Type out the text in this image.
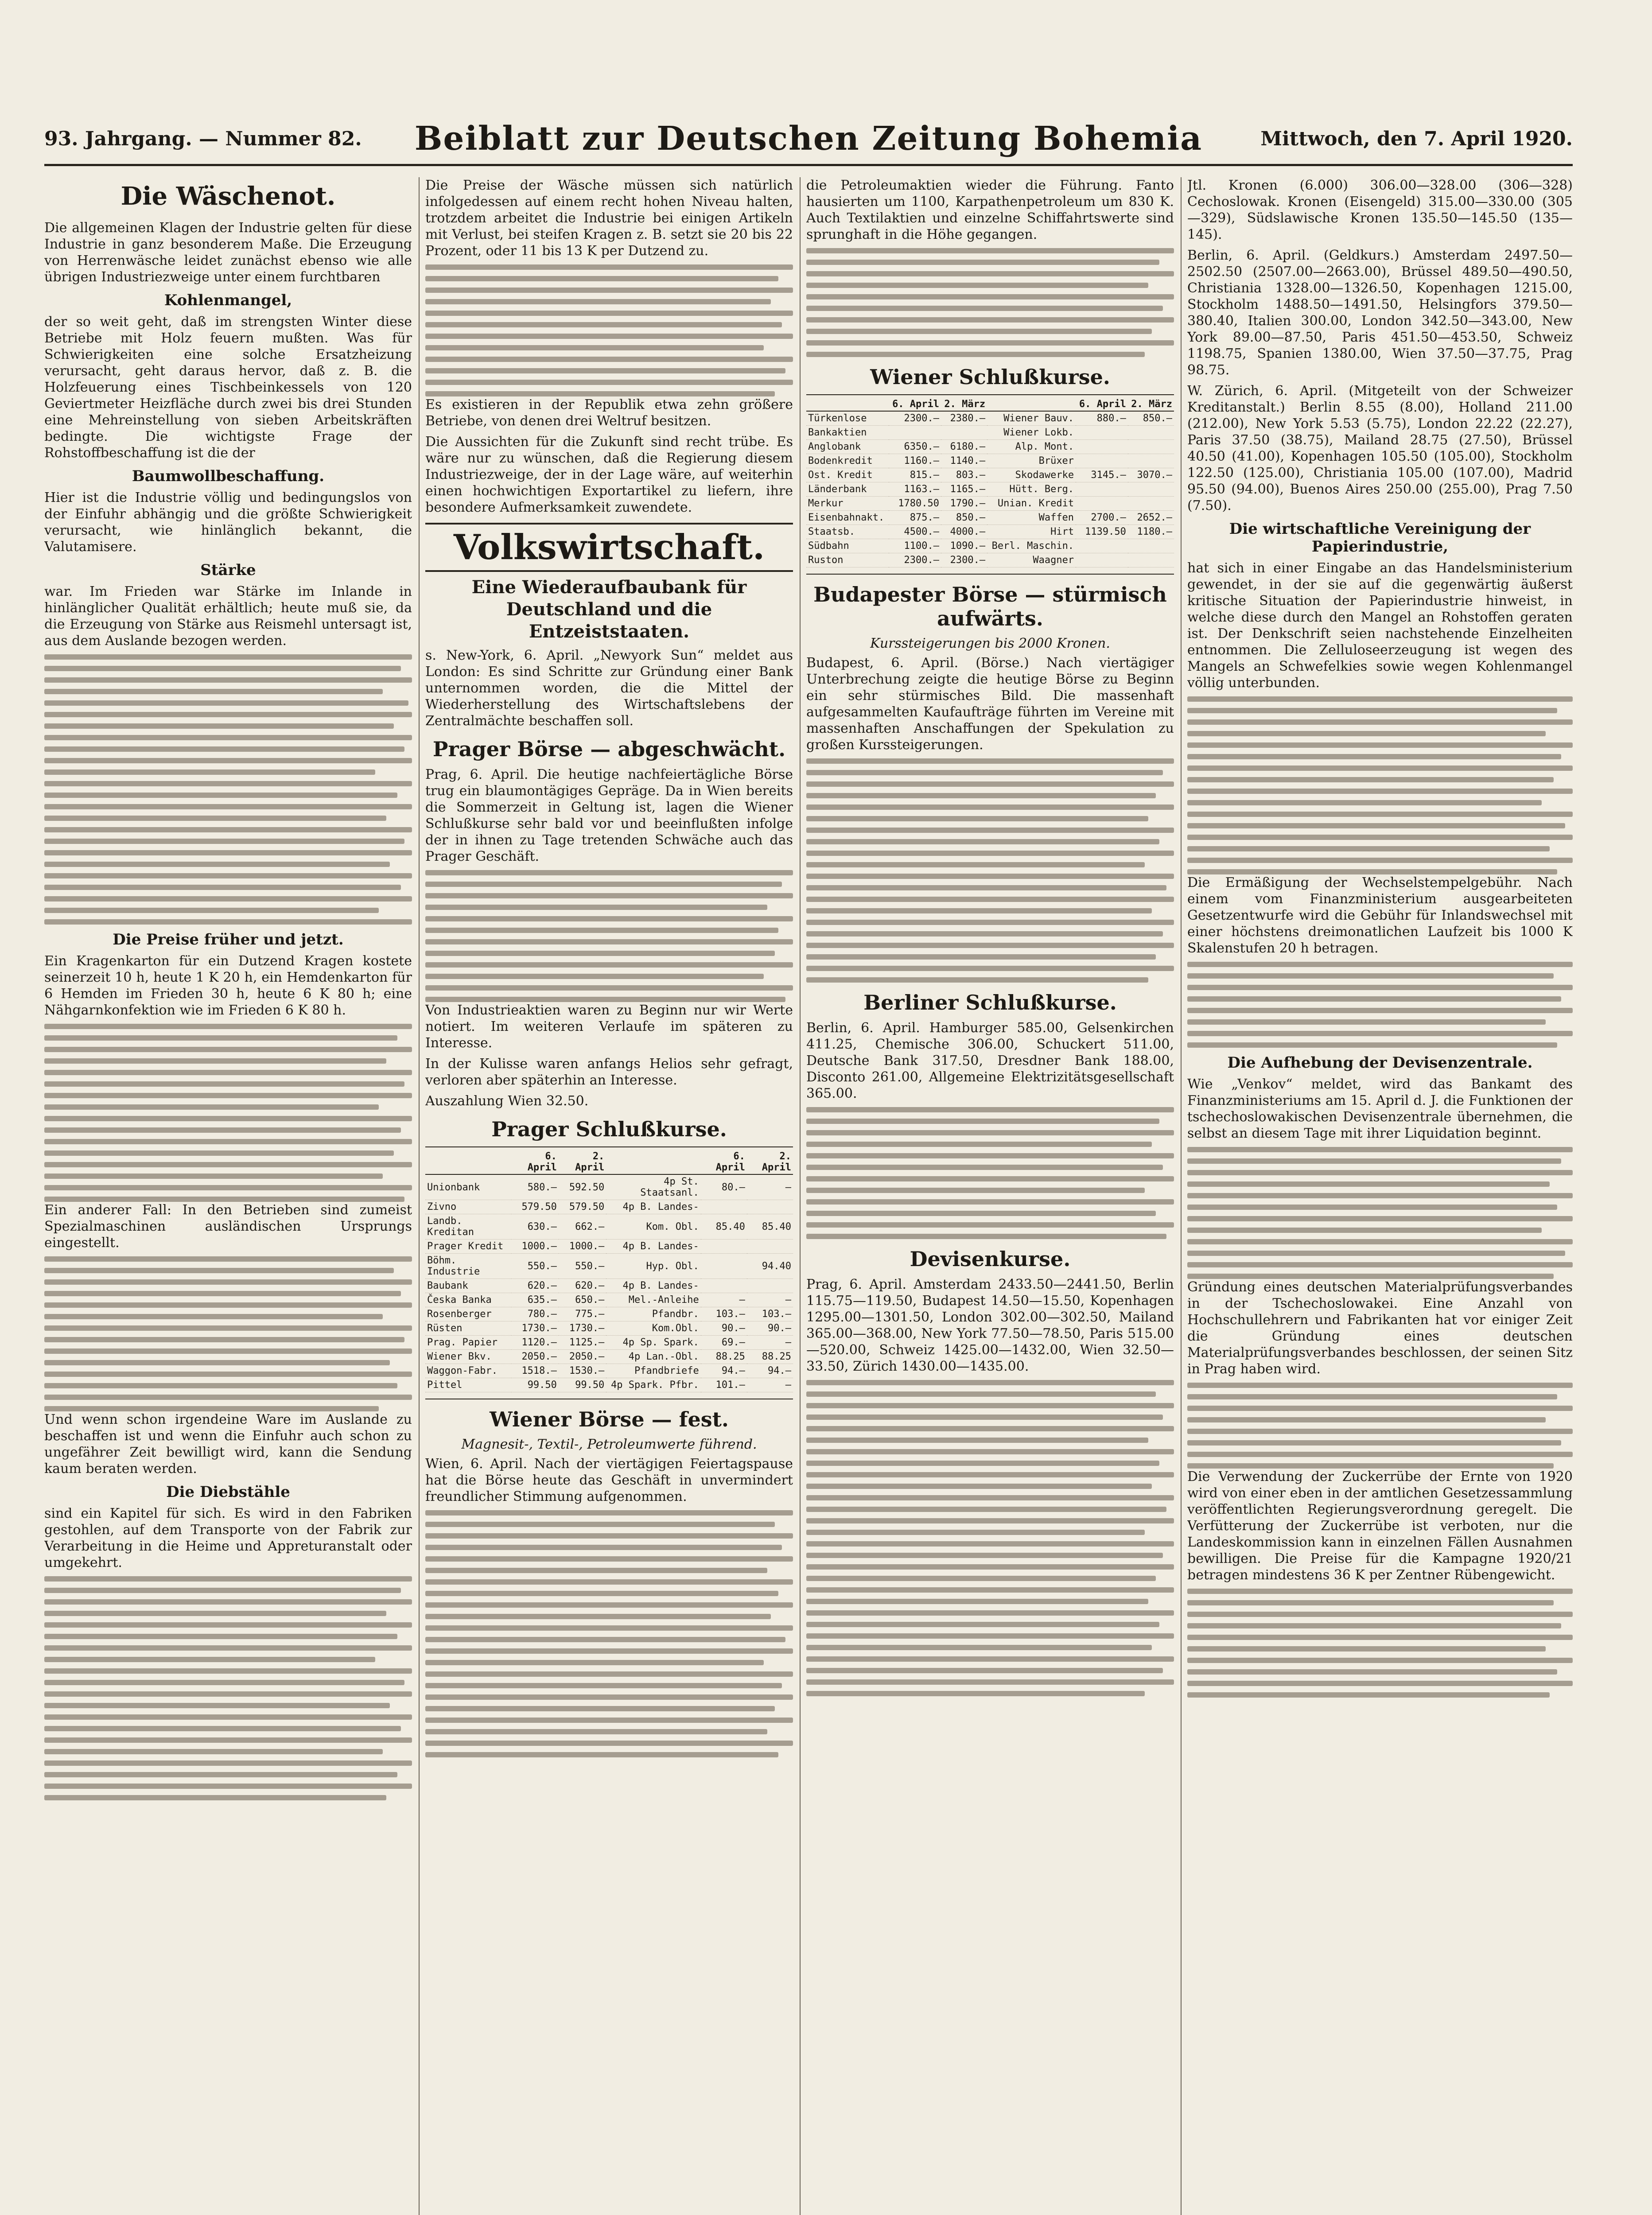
93. Jahrgang. — Nummer 82.	Beiblatt zur Deutschen Zeitung Bohemia	Mittwoch, den 7. April 1920.
Die Wäschenot.

Die allgemeinen Klagen der Industrie gelten für diese Industrie in ganz besonderem Maße. Die Erzeugung von Herrenwäsche leidet zunächst ebenso wie alle übrigen Industriezweige unter einem furchtbaren

Kohlenmangel,

der so weit geht, daß im strengsten Winter diese Betriebe mit Holz feuern mußten. Was für Schwierigkeiten eine solche Ersatzheizung verursacht, geht daraus hervor, daß z. B. die Holzfeuerung eines Tischbeinkessels von 120 Geviertmeter Heizfläche durch zwei bis drei Stunden eine Mehreinstellung von sieben Arbeitskräften bedingte. Die wichtigste Frage der Rohstoffbeschaffung ist die der

Baumwollbeschaffung.

Hier ist die Industrie völlig und bedingungslos von der Einfuhr abhängig und die größte Schwierigkeit verursacht, wie hinlänglich bekannt, die Valutamisere.

Stärke

war. Im Frieden war Stärke im Inlande in hinlänglicher Qualität erhältlich; heute muß sie, da die Erzeugung von Stärke aus Reismehl untersagt ist, aus dem Auslande bezogen werden.

Die Preise früher und jetzt.

Ein Kragenkarton für ein Dutzend Kragen kostete seinerzeit 10 h, heute 1 K 20 h, ein Hemdenkarton für 6 Hemden im Frieden 30 h, heute 6 K 80 h; eine Nähgarnkonfektion wie im Frieden 6 K 80 h.

Ein anderer Fall: In den Betrieben sind zumeist Spezialmaschinen ausländischen Ursprungs eingestellt.

Und wenn schon irgendeine Ware im Auslande zu beschaffen ist und wenn die Einfuhr auch schon zu ungefährer Zeit bewilligt wird, kann die Sendung kaum beraten werden.

Die Diebstähle

sind ein Kapitel für sich. Es wird in den Fabriken gestohlen, auf dem Transporte von der Fabrik zur Verarbeitung in die Heime und Appreturanstalt oder umgekehrt.

Die Preise der Wäsche müssen sich natürlich infolgedessen auf einem recht hohen Niveau halten, trotzdem arbeitet die Industrie bei einigen Artikeln mit Verlust, bei steifen Kragen z. B. setzt sie 20 bis 22 Prozent, oder 11 bis 13 K per Dutzend zu.

Es existieren in der Republik etwa zehn größere Betriebe, von denen drei Weltruf besitzen.

Die Aussichten für die Zukunft sind recht trübe. Es wäre nur zu wünschen, daß die Regierung diesem Industriezweige, der in der Lage wäre, auf weiterhin einen hochwichtigen Exportartikel zu liefern, ihre besondere Aufmerksamkeit zuwendete.

Volkswirtschaft.
Eine Wiederaufbaubank für Deutschland und die Entzeiststaaten.

s. New-York, 6. April. „Newyork Sun“ meldet aus London: Es sind Schritte zur Gründung einer Bank unternommen worden, die die Mittel der Wiederherstellung des Wirtschaftslebens der Zentralmächte beschaffen soll.

Prager Börse — abgeschwächt.

Prag, 6. April. Die heutige nachfeiertägliche Börse trug ein blaumontägiges Gepräge. Da in Wien bereits die Sommerzeit in Geltung ist, lagen die Wiener Schlußkurse sehr bald vor und beeinflußten infolge der in ihnen zu Tage tretenden Schwäche auch das Prager Geschäft.

Von Industrieaktien waren zu Beginn nur wir Werte notiert. Im weiteren Verlaufe im späteren zu Interesse.

In der Kulisse waren anfangs Helios sehr gefragt, verloren aber späterhin an Interesse.

Auszahlung Wien 32.50.

Prager Schlußkurse.
	6. April	2. April		6. April	2. April
Unionbank	580.—	592.50	4p St. Staatsanl.	80.—	—
Zivno	579.50	579.50	4p B. Landes-		
Landb. Kreditan	630.—	662.—	Kom. Obl.	85.40	85.40
Prager Kredit	1000.—	1000.—	4p B. Landes-		
Böhm. Industrie	550.—	550.—	Hyp. Obl.		94.40
Baubank	620.—	620.—	4p B. Landes-		
Česka Banka	635.—	650.—	Mel.-Anleihe	—	—
Rosenberger	780.—	775.—	Pfandbr.	103.—	103.—
Rüsten	1730.—	1730.—	Kom.Obl.	90.—	90.—
Prag. Papier	1120.—	1125.—	4p Sp. Spark.	69.—	—
Wiener Bkv.	2050.—	2050.—	4p Lan.-Obl.	88.25	88.25
Waggon-Fabr.	1518.—	1530.—	Pfandbriefe	94.—	94.—
Pittel	99.50	99.50	4p Spark. Pfbr.	101.—	—
Wiener Börse — fest.
Magnesit-, Textil-, Petroleumwerte führend.

Wien, 6. April. Nach der viertägigen Feiertagspause hat die Börse heute das Geschäft in unvermindert freundlicher Stimmung aufgenommen.

die Petroleumaktien wieder die Führung. Fanto hausierten um 1100, Karpathenpetroleum um 830 K. Auch Textilaktien und einzelne Schiffahrtswerte sind sprunghaft in die Höhe gegangen.

Wiener Schlußkurse.
	6. April	2. März		6. April	2. März
Türkenlose	2300.—	2380.—	Wiener Bauv.	880.—	850.—
Bankaktien			Wiener Lokb.		
Anglobank	6350.—	6180.—	Alp. Mont.		
Bodenkredit	1160.—	1140.—	Brüxer		
Ost. Kredit	815.—	803.—	Skodawerke	3145.—	3070.—
Länderbank	1163.—	1165.—	Hütt. Berg.		
Merkur	1780.50	1790.—	Unian. Kredit		
Eisenbahnakt.	875.—	850.—	Waffen	2700.—	2652.—
Staatsb.	4500.—	4000.—	Hirt	1139.50	1180.—
Südbahn	1100.—	1090.—	Berl. Maschin.		
Ruston	2300.—	2300.—	Waagner		
Budapester Börse — stürmisch aufwärts.
Kurssteigerungen bis 2000 Kronen.

Budapest, 6. April. (Börse.) Nach viertägiger Unterbrechung zeigte die heutige Börse zu Beginn ein sehr stürmisches Bild. Die massenhaft aufgesammelten Kaufaufträge führten im Vereine mit massenhaften Anschaffungen der Spekulation zu großen Kurssteigerungen.

Berliner Schlußkurse.

Berlin, 6. April. Hamburger 585.00, Gelsenkirchen 411.25, Chemische 306.00, Schuckert 511.00, Deutsche Bank 317.50, Dresdner Bank 188.00, Disconto 261.00, Allgemeine Elektrizitätsgesellschaft 365.00.

Devisenkurse.

Prag, 6. April. Amsterdam 2433.50—2441.50, Berlin 115.75—119.50, Budapest 14.50—15.50, Kopenhagen 1295.00—1301.50, London 302.00—302.50, Mailand 365.00—368.00, New York 77.50—78.50, Paris 515.00—520.00, Schweiz 1425.00—1432.00, Wien 32.50—33.50, Zürich 1430.00—1435.00.

Jtl. Kronen (6.000) 306.00—328.00 (306—328) Cechoslowak. Kronen (Eisengeld) 315.00—330.00 (305—329), Südslawische Kronen 135.50—145.50 (135—145).

Berlin, 6. April. (Geldkurs.) Amsterdam 2497.50—2502.50 (2507.00—2663.00), Brüssel 489.50—490.50, Christiania 1328.00—1326.50, Kopenhagen 1215.00, Stockholm 1488.50—1491.50, Helsingfors 379.50—380.40, Italien 300.00, London 342.50—343.00, New York 89.00—87.50, Paris 451.50—453.50, Schweiz 1198.75, Spanien 1380.00, Wien 37.50—37.75, Prag 98.75.

W. Zürich, 6. April. (Mitgeteilt von der Schweizer Kreditanstalt.) Berlin 8.55 (8.00), Holland 211.00 (212.00), New York 5.53 (5.75), London 22.22 (22.27), Paris 37.50 (38.75), Mailand 28.75 (27.50), Brüssel 40.50 (41.00), Kopenhagen 105.50 (105.00), Stockholm 122.50 (125.00), Christiania 105.00 (107.00), Madrid 95.50 (94.00), Buenos Aires 250.00 (255.00), Prag 7.50 (7.50).

Die wirtschaftliche Vereinigung der Papierindustrie,

hat sich in einer Eingabe an das Handelsministerium gewendet, in der sie auf die gegenwärtig äußerst kritische Situation der Papierindustrie hinweist, in welche diese durch den Mangel an Rohstoffen geraten ist. Der Denkschrift seien nachstehende Einzelheiten entnommen. Die Zelluloseerzeugung ist wegen des Mangels an Schwefelkies sowie wegen Kohlenmangel völlig unterbunden.

Die Ermäßigung der Wechselstempelgebühr. Nach einem vom Finanzministerium ausgearbeiteten Gesetzentwurfe wird die Gebühr für Inlandswechsel mit einer höchstens dreimonatlichen Laufzeit bis 1000 K Skalenstufen 20 h betragen.

Die Aufhebung der Devisenzentrale.

Wie „Venkov“ meldet, wird das Bankamt des Finanzministeriums am 15. April d. J. die Funktionen der tschechoslowakischen Devisenzentrale übernehmen, die selbst an diesem Tage mit ihrer Liquidation beginnt.

Gründung eines deutschen Materialprüfungsverbandes in der Tschechoslowakei. Eine Anzahl von Hochschullehrern und Fabrikanten hat vor einiger Zeit die Gründung eines deutschen Materialprüfungsverbandes beschlossen, der seinen Sitz in Prag haben wird.

Die Verwendung der Zuckerrübe der Ernte von 1920 wird von einer eben in der amtlichen Gesetzessammlung veröffentlichten Regierungsverordnung geregelt. Die Verfütterung der Zuckerrübe ist verboten, nur die Landeskommission kann in einzelnen Fällen Ausnahmen bewilligen. Die Preise für die Kampagne 1920/21 betragen mindestens 36 K per Zentner Rübengewicht.
